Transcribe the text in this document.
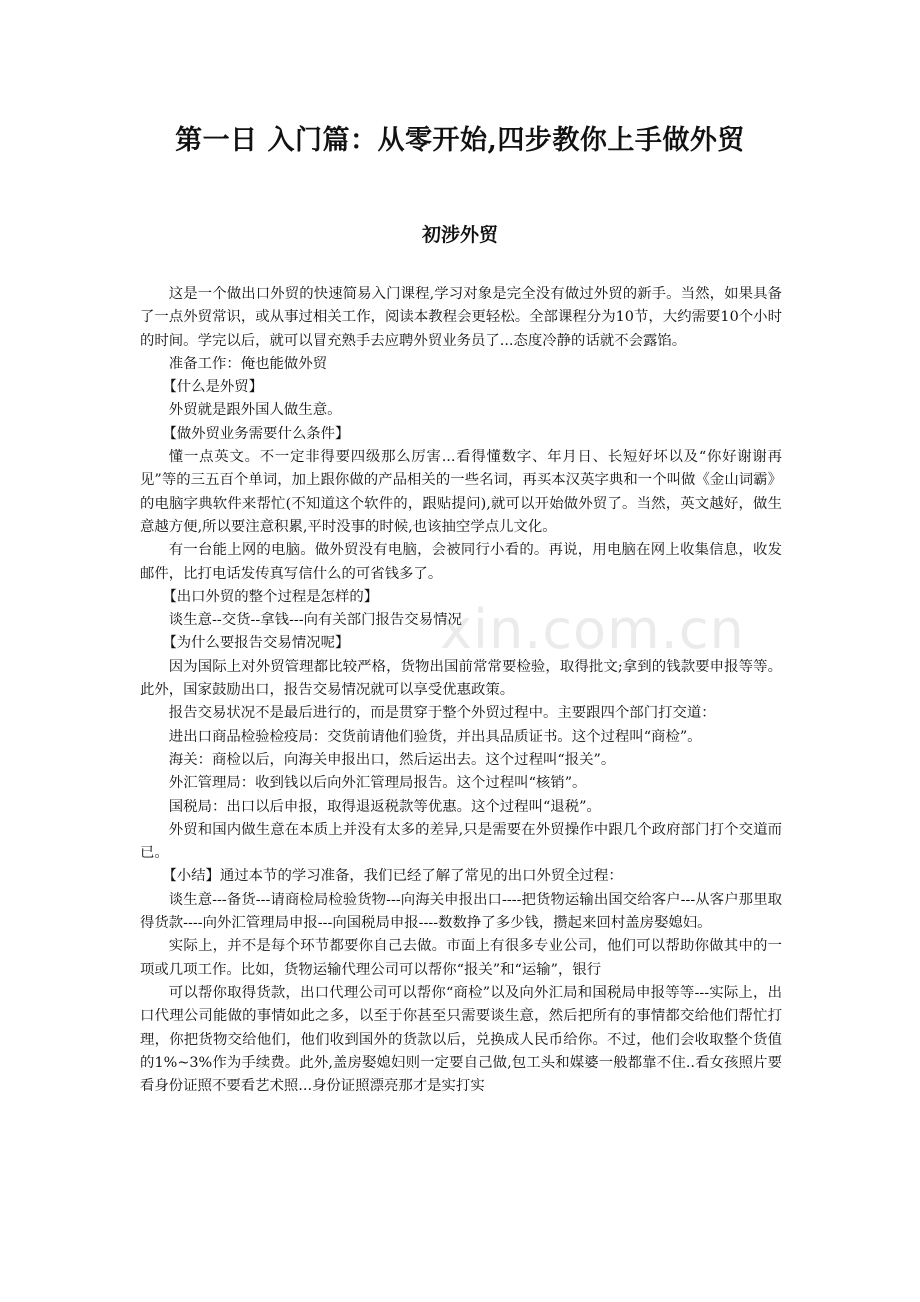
第一日 入门篇：从零开始,四步教你上手做外贸
初涉外贸
xin.com.cn

这是一个做出口外贸的快速简易入门课程,学习对象是完全没有做过外贸的新手。当然，如果具备了一点外贸常识，或从事过相关工作，阅读本教程会更轻松。全部课程分为10节，大约需要10个小时的时间。学完以后，就可以冒充熟手去应聘外贸业务员了...态度冷静的话就不会露馅。

准备工作：俺也能做外贸

【什么是外贸】

外贸就是跟外国人做生意。

【做外贸业务需要什么条件】

懂一点英文。不一定非得要四级那么厉害...看得懂数字、年月日、长短好坏以及“你好谢谢再见”等的三五百个单词，加上跟你做的产品相关的一些名词，再买本汉英字典和一个叫做《金山词霸》的电脑字典软件来帮忙(不知道这个软件的，跟贴提问),就可以开始做外贸了。当然，英文越好，做生意越方便,所以要注意积累,平时没事的时候,也该抽空学点儿文化。

有一台能上网的电脑。做外贸没有电脑，会被同行小看的。再说，用电脑在网上收集信息，收发邮件，比打电话发传真写信什么的可省钱多了。

【出口外贸的整个过程是怎样的】

谈生意--交货--拿钱---向有关部门报告交易情况

【为什么要报告交易情况呢】

因为国际上对外贸管理都比较严格，货物出国前常常要检验，取得批文;拿到的钱款要申报等等。此外，国家鼓励出口，报告交易情况就可以享受优惠政策。

报告交易状况不是最后进行的，而是贯穿于整个外贸过程中。主要跟四个部门打交道：

进出口商品检验检疫局：交货前请他们验货，并出具品质证书。这个过程叫“商检”。

海关：商检以后，向海关申报出口，然后运出去。这个过程叫“报关”。

外汇管理局：收到钱以后向外汇管理局报告。这个过程叫“核销”。

国税局：出口以后申报，取得退返税款等优惠。这个过程叫“退税”。

外贸和国内做生意在本质上并没有太多的差异,只是需要在外贸操作中跟几个政府部门打个交道而已。

【小结】通过本节的学习准备，我们已经了解了常见的出口外贸全过程：

谈生意---备货---请商检局检验货物---向海关申报出口----把货物运输出国交给客户---从客户那里取得货款----向外汇管理局申报---向国税局申报----数数挣了多少钱，攒起来回村盖房娶媳妇。

实际上，并不是每个环节都要你自己去做。市面上有很多专业公司，他们可以帮助你做其中的一项或几项工作。比如，货物运输代理公司可以帮你“报关”和“运输”，银行

可以帮你取得货款，出口代理公司可以帮你“商检”以及向外汇局和国税局申报等等---实际上，出口代理公司能做的事情如此之多，以至于你甚至只需要谈生意，然后把所有的事情都交给他们帮忙打理，你把货物交给他们，他们收到国外的货款以后，兑换成人民币给你。不过，他们会收取整个货值的1%~3%作为手续费。此外,盖房娶媳妇则一定要自己做,包工头和媒婆一般都靠不住..看女孩照片要看身份证照不要看艺术照...身份证照漂亮那才是实打实
